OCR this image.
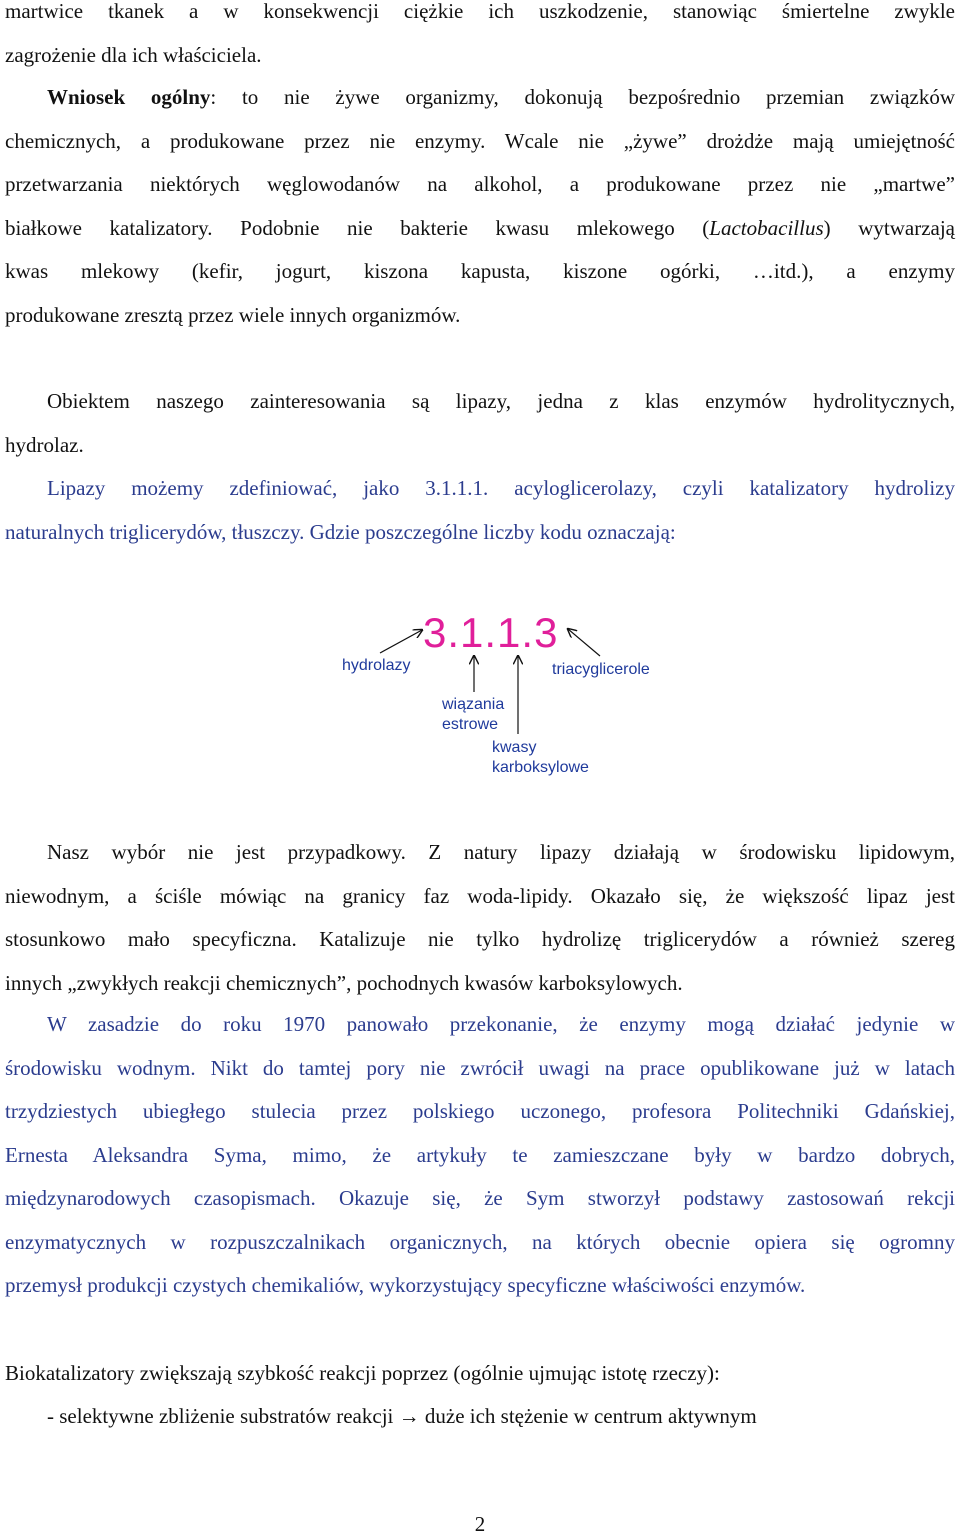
martwice tkanek a w konsekwencji ciężkie ich uszkodzenie, stanowiąc śmiertelne zwykle
zagrożenie dla ich właściciela.
Wniosek ogólny: to nie żywe organizmy, dokonują bezpośrednio przemian związków
chemicznych, a produkowane przez nie enzymy. Wcale nie „żywe” drożdże mają umiejętność
przetwarzania niektórych węglowodanów na alkohol, a produkowane przez nie „martwe”
białkowe katalizatory. Podobnie nie bakterie kwasu mlekowego (Lactobacillus) wytwarzają
kwas mlekowy (kefir, jogurt, kiszona kapusta, kiszone ogórki, …itd.), a enzymy
produkowane zresztą przez wiele innych organizmów.
Obiektem naszego zainteresowania są lipazy, jedna z klas enzymów hydrolitycznych,
hydrolaz.
Lipazy możemy zdefiniować, jako 3.1.1.1. acyloglicerolazy, czyli katalizatory hydrolizy
naturalnych triglicerydów, tłuszczy. Gdzie poszczególne liczby kodu oznaczają:
3.1.1.3
hydrolazy	triacyglicerole
wiązania
estrowe
kwasy
karboksylowe
Nasz wybór nie jest przypadkowy. Z natury lipazy działają w środowisku lipidowym,
niewodnym, a ściśle mówiąc na granicy faz woda-lipidy. Okazało się, że większość lipaz jest
stosunkowo mało specyficzna. Katalizuje nie tylko hydrolizę triglicerydów a również szereg
innych „zwykłych reakcji chemicznych”, pochodnych kwasów karboksylowych.
W zasadzie do roku 1970 panowało przekonanie, że enzymy mogą działać jedynie w
środowisku wodnym. Nikt do tamtej pory nie zwrócił uwagi na prace opublikowane już w latach
trzydziestych ubiegłego stulecia przez polskiego uczonego, profesora Politechniki Gdańskiej,
Ernesta Aleksandra Syma, mimo, że artykuły te zamieszczane były w bardzo dobrych,
międzynarodowych czasopismach. Okazuje się, że Sym stworzył podstawy zastosowań rekcji
enzymatycznych w rozpuszczalnikach organicznych, na których obecnie opiera się ogromny
przemysł produkcji czystych chemikaliów, wykorzystujący specyficzne właściwości enzymów.
Biokatalizatory zwiększają szybkość reakcji poprzez (ogólnie ujmując istotę rzeczy):
- selektywne zbliżenie substratów reakcji → duże ich stężenie w centrum aktywnym
2
